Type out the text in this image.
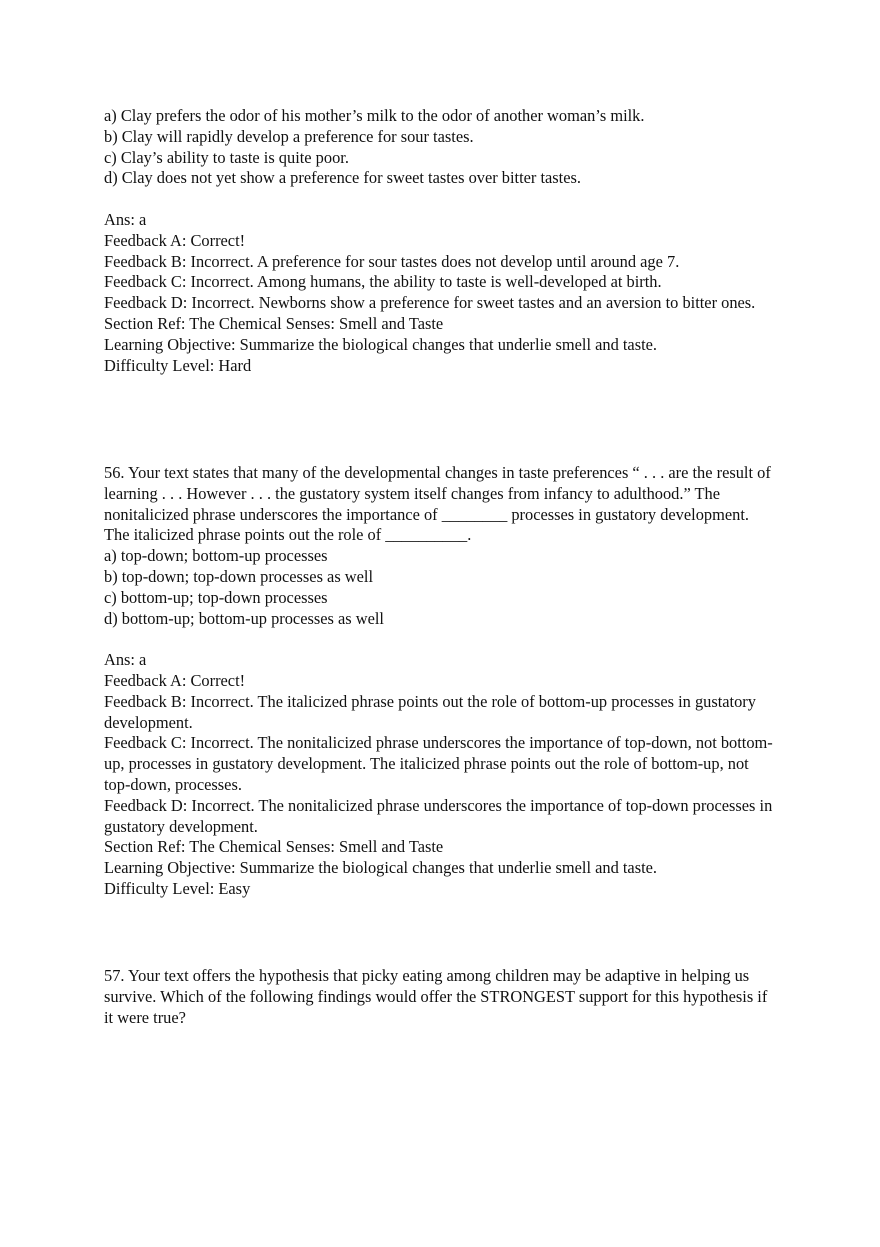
a) Clay prefers the odor of his mother’s milk to the odor of another woman’s milk.

b) Clay will rapidly develop a preference for sour tastes.

c) Clay’s ability to taste is quite poor.

d) Clay does not yet show a preference for sweet tastes over bitter tastes.

Ans: a

Feedback A: Correct!

Feedback B: Incorrect. A preference for sour tastes does not develop until around age 7.

Feedback C: Incorrect. Among humans, the ability to taste is well-developed at birth.

Feedback D: Incorrect. Newborns show a preference for sweet tastes and an aversion to bitter ones.

Section Ref: The Chemical Senses: Smell and Taste

Learning Objective: Summarize the biological changes that underlie smell and taste.

Difficulty Level: Hard

56. Your text states that many of the developmental changes in taste preferences “ . . . are the result of learning . . . However . . . the gustatory system itself changes from infancy to adulthood.” The nonitalicized phrase underscores the importance of ________ processes in gustatory development. The italicized phrase points out the role of __________.

a) top-down; bottom-up processes

b) top-down; top-down processes as well

c) bottom-up; top-down processes

d) bottom-up; bottom-up processes as well

Ans: a

Feedback A: Correct!

Feedback B: Incorrect. The italicized phrase points out the role of bottom-up processes in gustatory development.

Feedback C: Incorrect. The nonitalicized phrase underscores the importance of top-down, not bottom-up, processes in gustatory development. The italicized phrase points out the role of bottom-up, not top-down, processes.

Feedback D: Incorrect. The nonitalicized phrase underscores the importance of top-down processes in gustatory development.

Section Ref: The Chemical Senses: Smell and Taste

Learning Objective: Summarize the biological changes that underlie smell and taste.

Difficulty Level: Easy

57. Your text offers the hypothesis that picky eating among children may be adaptive in helping us survive. Which of the following findings would offer the STRONGEST support for this hypothesis if it were true?
